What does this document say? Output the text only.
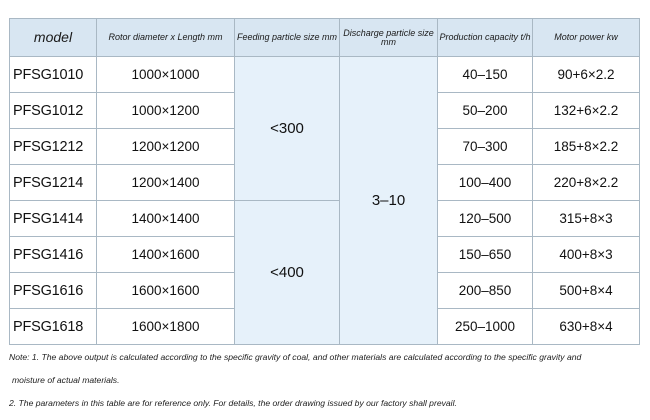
model	Rotor diameter x Length mm	Feeding particle size mm	Discharge particle size mm	Production capacity t/h	Motor power kw
PFSG1010	1000×1000	<300	3–10	40–150	90+6×2.2
PFSG1012	1000×1200			50–200	132+6×2.2
PFSG1212	1200×1200			70–300	185+8×2.2
PFSG1214	1200×1400			100–400	220+8×2.2
PFSG1414	1400×1400	<400		120–500	315+8×3
PFSG1416	1400×1600			150–650	400+8×3
PFSG1616	1600×1600			200–850	500+8×4
PFSG1618	1600×1800			250–1000	630+8×4

Note: 1. The above output is calculated according to the specific gravity of coal, and other materials are calculated according to the specific gravity and

moisture of actual materials.

2. The parameters in this table are for reference only. For details, the order drawing issued by our factory shall prevail.
